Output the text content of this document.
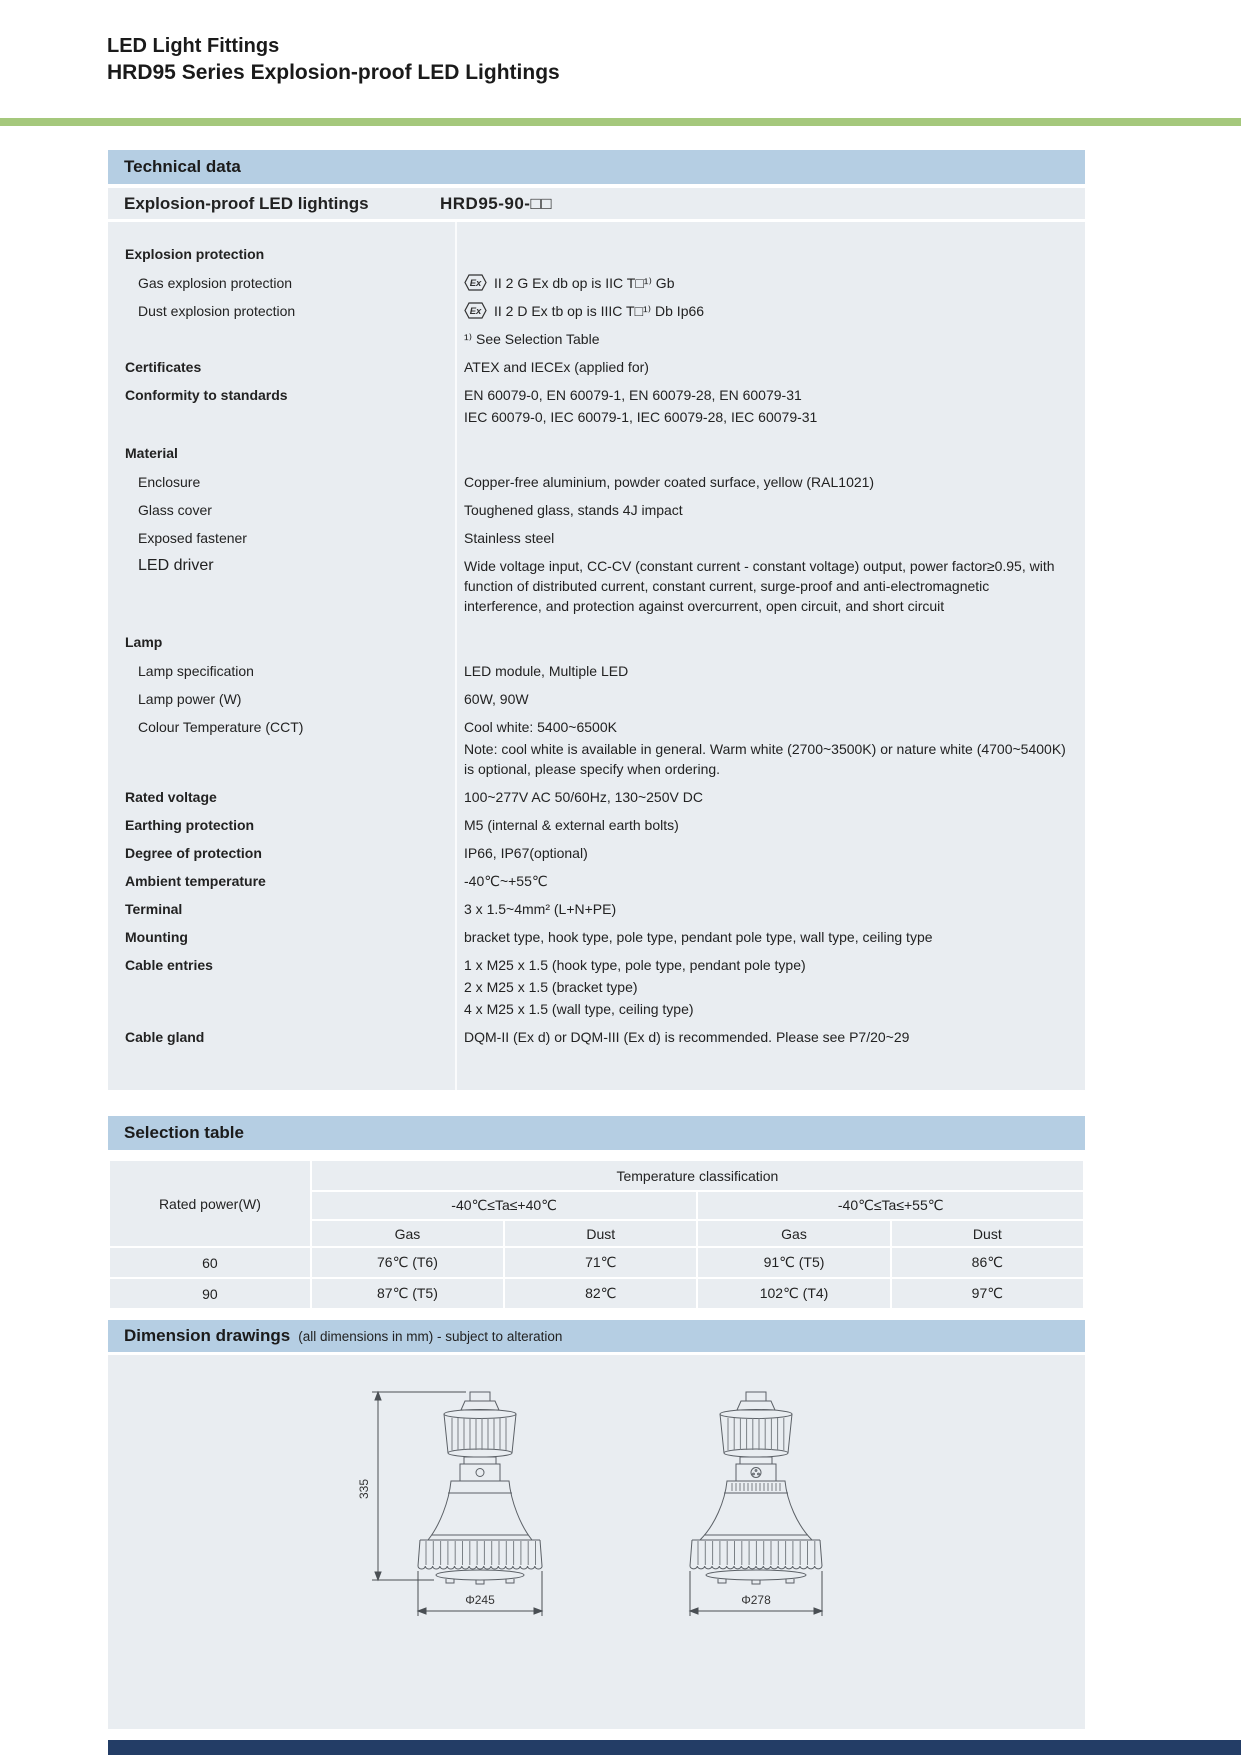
LED Light Fittings
HRD95 Series Explosion-proof LED Lightings
Technical data
Explosion-proof LED lightings	HRD95-90-□□
Explosion protection
Gas explosion protection	Ex II 2 G Ex db op is IIC T□¹⁾ Gb
Dust explosion protection	Ex II 2 D Ex tb op is IIIC T□¹⁾ Db Ip66
¹⁾ See Selection Table
Certificates	ATEX and IECEx (applied for)
Conformity to standards	EN 60079-0, EN 60079-1, EN 60079-28, EN 60079-31
IEC 60079-0, IEC 60079-1, IEC 60079-28, IEC 60079-31
Material
Enclosure	Copper-free aluminium, powder coated surface, yellow (RAL1021)
Glass cover	Toughened glass, stands 4J impact
Exposed fastener	Stainless steel
LED driver	Wide voltage input, CC-CV (constant current - constant voltage) output, power factor≥0.95, with function of distributed current, constant current, surge-proof and anti-electromagnetic interference, and protection against overcurrent, open circuit, and short circuit
Lamp
Lamp specification	LED module, Multiple LED
Lamp power (W)	60W, 90W
Colour Temperature (CCT)	Cool white: 5400~6500K
Note: cool white is available in general. Warm white (2700~3500K) or nature white (4700~5400K) is optional, please specify when ordering.
Rated voltage	100~277V AC 50/60Hz, 130~250V DC
Earthing protection	M5 (internal & external earth bolts)
Degree of protection	IP66, IP67(optional)
Ambient temperature	-40℃~+55℃
Terminal	3 x 1.5~4mm² (L+N+PE)
Mounting	bracket type, hook type, pole type, pendant pole type, wall type, ceiling type
Cable entries	1 x M25 x 1.5 (hook type, pole type, pendant pole type)
2 x M25 x 1.5 (bracket type)
4 x M25 x 1.5 (wall type, ceiling type)
Cable gland	DQM-II (Ex d) or DQM-III (Ex d) is recommended. Please see P7/20~29
Selection table
Rated power(W)	Temperature classification			
	-40℃≤Ta≤+40℃		-40℃≤Ta≤+55℃	
	Gas	Dust	Gas	Dust
60	76℃ (T6)	71℃	91℃ (T5)	86℃
90	87℃ (T5)	82℃	102℃ (T4)	97℃
Dimension drawings (all dimensions in mm) - subject to alteration
335
Φ245	Φ278
